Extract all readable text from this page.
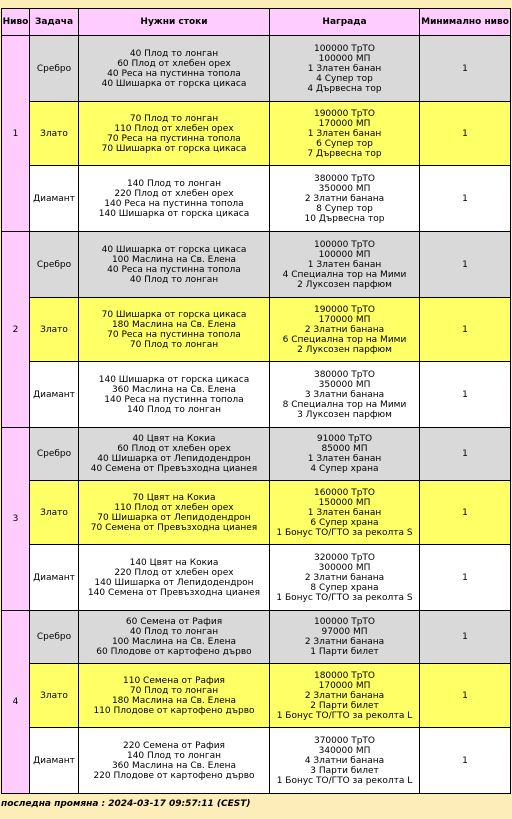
Ниво	Задача	Нужни стоки	Награда	Минимално ниво
1	Сребро	40 Плод то лонган
60 Плод от хлебен орех
40 Реса на пустинна топола
40 Шишарка от горска цикаса	100000 ТрТО
100000 МП
1 Златен банан
4 Супер тор
4 Дървесна тор	1
	Злато	70 Плод то лонган
110 Плод от хлебен орех
70 Реса на пустинна топола
70 Шишарка от горска цикаса	190000 ТрТО
170000 МП
1 Златен банан
6 Супер тор
7 Дървесна тор	1
	Диамант	140 Плод то лонган
220 Плод от хлебен орех
140 Реса на пустинна топола
140 Шишарка от горска цикаса	380000 ТрТО
350000 МП
2 Златни банана
8 Супер тор
10 Дървесна тор	1
2	Сребро	40 Шишарка от горска цикаса
100 Маслина на Св. Елена
40 Реса на пустинна топола
40 Плод то лонган	100000 ТрТО
100000 МП
1 Златен банан
4 Специална тор на Мими
2 Луксозен парфюм	1
	Злато	70 Шишарка от горска цикаса
180 Маслина на Св. Елена
70 Реса на пустинна топола
70 Плод то лонган	190000 ТрТО
170000 МП
2 Златни банана
6 Специална тор на Мими
2 Луксозен парфюм	1
	Диамант	140 Шишарка от горска цикаса
360 Маслина на Св. Елена
140 Реса на пустинна топола
140 Плод то лонган	380000 ТрТО
350000 МП
3 Златни банана
8 Специална тор на Мими
3 Луксозен парфюм	1
3	Сребро	40 Цвят на Кокиа
60 Плод от хлебен орех
40 Шишарка от Лепидодендрон
40 Семена от Превъзходна цианея	91000 ТрТО
85000 МП
1 Златен банан
4 Супер храна	1
	Злато	70 Цвят на Кокиа
110 Плод от хлебен орех
70 Шишарка от Лепидодендрон
70 Семена от Превъзходна цианея	160000 ТрТО
150000 МП
1 Златен банан
6 Супер храна
1 Бонус ТО/ГТО за реколта S	1
	Диамант	140 Цвят на Кокиа
220 Плод от хлебен орех
140 Шишарка от Лепидодендрон
140 Семена от Превъзходна цианея	320000 ТрТО
300000 МП
2 Златни банана
8 Супер храна
1 Бонус ТО/ГТО за реколта S	1
4	Сребро	60 Семена от Рафия
40 Плод то лонган
100 Маслина на Св. Елена
60 Плодове от картофено дърво	100000 ТрТО
97000 МП
2 Златни банана
1 Парти билет	1
	Злато	110 Семена от Рафия
70 Плод то лонган
180 Маслина на Св. Елена
110 Плодове от картофено дърво	180000 ТрТО
170000 МП
2 Златни банана
2 Парти билет
1 Бонус ТО/ГТО за реколта L	1
	Диамант	220 Семена от Рафия
140 Плод то лонган
360 Маслина на Св. Елена
220 Плодове от картофено дърво	370000 ТрТО
340000 МП
4 Златни банана
3 Парти билет
1 Бонус ТО/ГТО за реколта L	1
последна промяна : 2024-03-17 09:57:11 (CEST)
